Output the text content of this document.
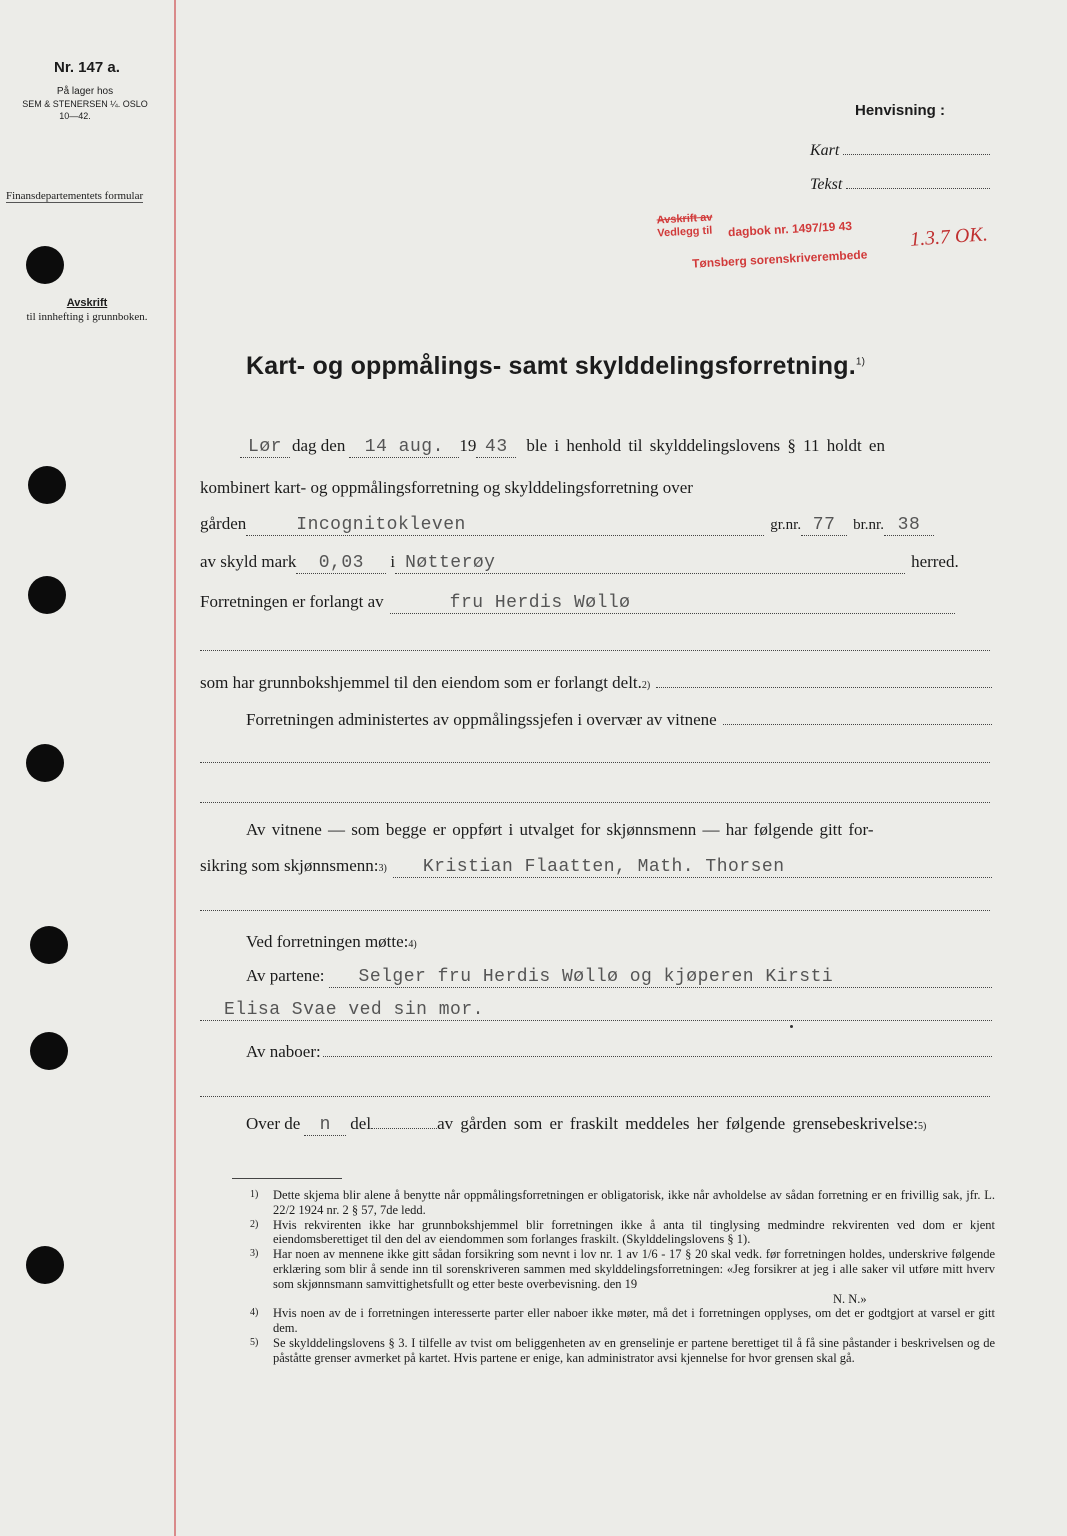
Nr. 147 a.
På lager hos
SEM & STENERSEN ¼. OSLO
10—42.
Finansdepartementets formular
Avskrift
til innhefting i grunnboken.
Henvisning :
Kart
Tekst
Avskrift av
Vedlegg til dagbok nr. 1497/19 43
Tønsberg sorenskriverembede
1.3.7 OK.
Kart- og oppmålings- samt skylddelingsforretning.$^{1)}$
Lør dag den	14 aug. 19 43	ble i henhold til skylddelingslovens § 11 holdt en
kombinert kart- og oppmålingsforretning og skylddelingsforretning over
gården	Incognitokleven	gr.nr. 77	br.nr. 38
av skyld mark	0,03	i Nøtterøy	herred.
Forretningen er forlangt av	fru Herdis Wøllø
som har grunnbokshjemmel til den eiendom som er forlangt delt. 2)
Forretningen administertes av oppmålingssjefen i overvær av vitnene
Av vitnene — som begge er oppført i utvalget for skjønnsmenn — har følgende gitt for-
sikring som skjønnsmenn: 3)	Kristian Flaatten, Math. Thorsen
Ved forretningen møtte: 4)
Av partene:	Selger fru Herdis Wøllø og kjøperen Kirsti
Elisa Svae ved sin mor.
Av naboer:
Over de	n	del	av gården som er fraskilt meddeles her følgende grensebeskrivelse: 5)
1)	Dette skjema blir alene å benytte når oppmålingsforretningen er obligatorisk, ikke når avholdelse av sådan forretning er en frivillig sak, jfr. L. 22/2 1924 nr. 2 § 57, 7de ledd.
2)	Hvis rekvirenten ikke har grunnbokshjemmel blir forretningen ikke å anta til tinglysing medmindre rekvirenten ved dom er kjent eiendomsberettiget til den del av eiendommen som forlanges fraskilt. (Skylddelingslovens § 1).
3)	Har noen av mennene ikke gitt sådan forsikring som nevnt i lov nr. 1 av 1/6 - 17 § 20 skal vedk. før forretningen holdes, underskrive følgende erklæring som blir å sende inn til sorenskriveren sammen med skylddelingsforretningen: «Jeg forsikrer at jeg i alle saker vil utføre mitt hverv som skjønnsmann samvittighetsfullt og etter beste overbevisning. den 19
N. N.»
4)	Hvis noen av de i forretningen interesserte parter eller naboer ikke møter, må det i forretningen opplyses, om det er godtgjort at varsel er gitt dem.
5)	Se skylddelingslovens § 3. I tilfelle av tvist om beliggenheten av en grenselinje er partene berettiget til å få sine påstander i beskrivelsen og de påståtte grenser avmerket på kartet. Hvis partene er enige, kan administrator avsi kjennelse for hvor grensen skal gå.
